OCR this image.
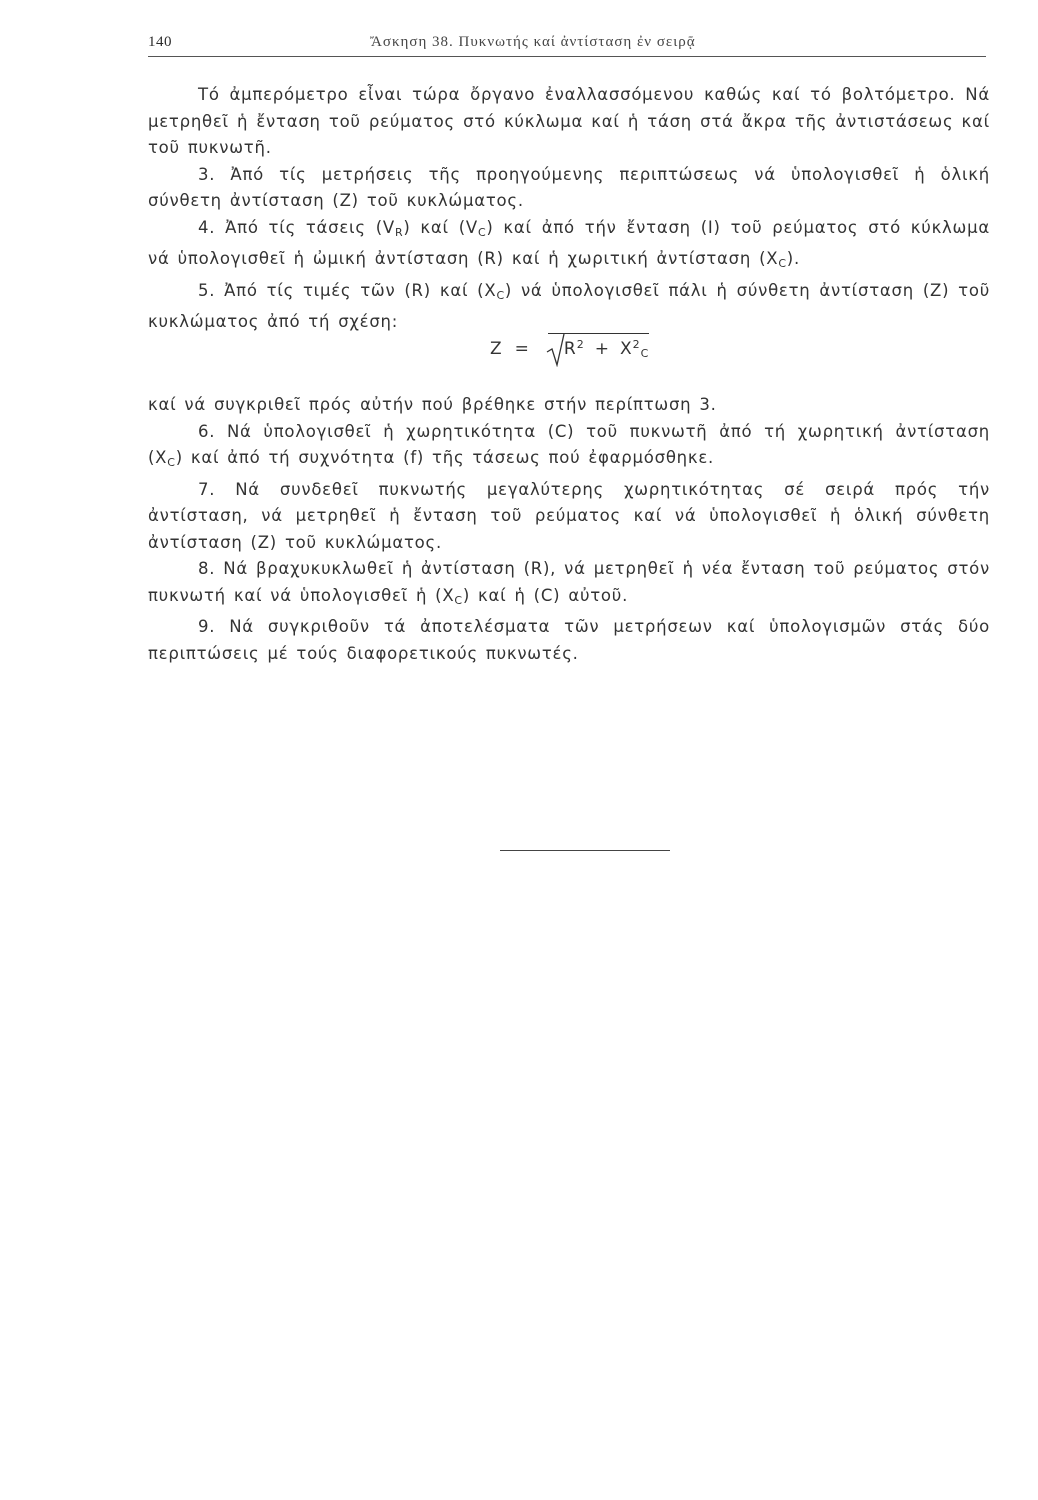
140	Ἄσκηση 38. Πυκνωτής καί ἀντίσταση ἐν σειρᾷ

Τό ἀμπερόμετρο εἶναι τώρα ὄργανο ἐναλλασσόμενου καθώς καί τό βολτόμετρο. Νά μετρηθεῖ ἡ ἔνταση τοῦ ρεύματος στό κύκλωμα καί ἡ τάση στά ἄκρα τῆς ἀντιστάσεως καί τοῦ πυκνωτῆ.

3. Ἀπό τίς μετρήσεις τῆς προηγούμενης περιπτώσεως νά ὑπολογισθεῖ ἡ ὁλική σύνθετη ἀντίσταση (Ζ) τοῦ κυκλώματος.

4. Ἀπό τίς τάσεις $(V_R)$ καί $(V_C)$ καί ἀπό τήν ἔνταση (Ι) τοῦ ρεύματος στό κύκλωμα νά ὑπολογισθεῖ ἡ ὠμική ἀντίσταση (R) καί ἡ χωριτική ἀντίσταση $(X_C)$.

5. Ἀπό τίς τιμές τῶν (R) καί $(X_C)$ νά ὑπολογισθεῖ πάλι ἡ σύνθετη ἀντίσταση (Ζ) τοῦ κυκλώματος ἀπό τή σχέση:

$Z = R^2 + X^2_C$

καί νά συγκριθεῖ πρός αὐτήν πού βρέθηκε στήν περίπτωση 3.

6. Νά ὑπολογισθεῖ ἡ χωρητικότητα (C) τοῦ πυκνωτῆ ἀπό τή χωρητική ἀντίσταση $(X_C)$ καί ἀπό τή συχνότητα (f) τῆς τάσεως πού ἐφαρμόσθηκε.

7. Νά συνδεθεῖ πυκνωτής μεγαλύτερης χωρητικότητας σέ σειρά πρός τήν ἀντίσταση, νά μετρηθεῖ ἡ ἔνταση τοῦ ρεύματος καί νά ὑπολογισθεῖ ἡ ὁλική σύνθετη ἀντίσταση (Ζ) τοῦ κυκλώματος.

8. Νά βραχυκυκλωθεῖ ἡ ἀντίσταση (R), νά μετρηθεῖ ἡ νέα ἔνταση τοῦ ρεύματος στόν πυκνωτή καί νά ὑπολογισθεῖ ἡ $(X_C)$ καί ἡ (C) αὐτοῦ.

9. Νά συγκριθοῦν τά ἀποτελέσματα τῶν μετρήσεων καί ὑπολογισμῶν στάς δύο περιπτώσεις μέ τούς διαφορετικούς πυκνωτές.
